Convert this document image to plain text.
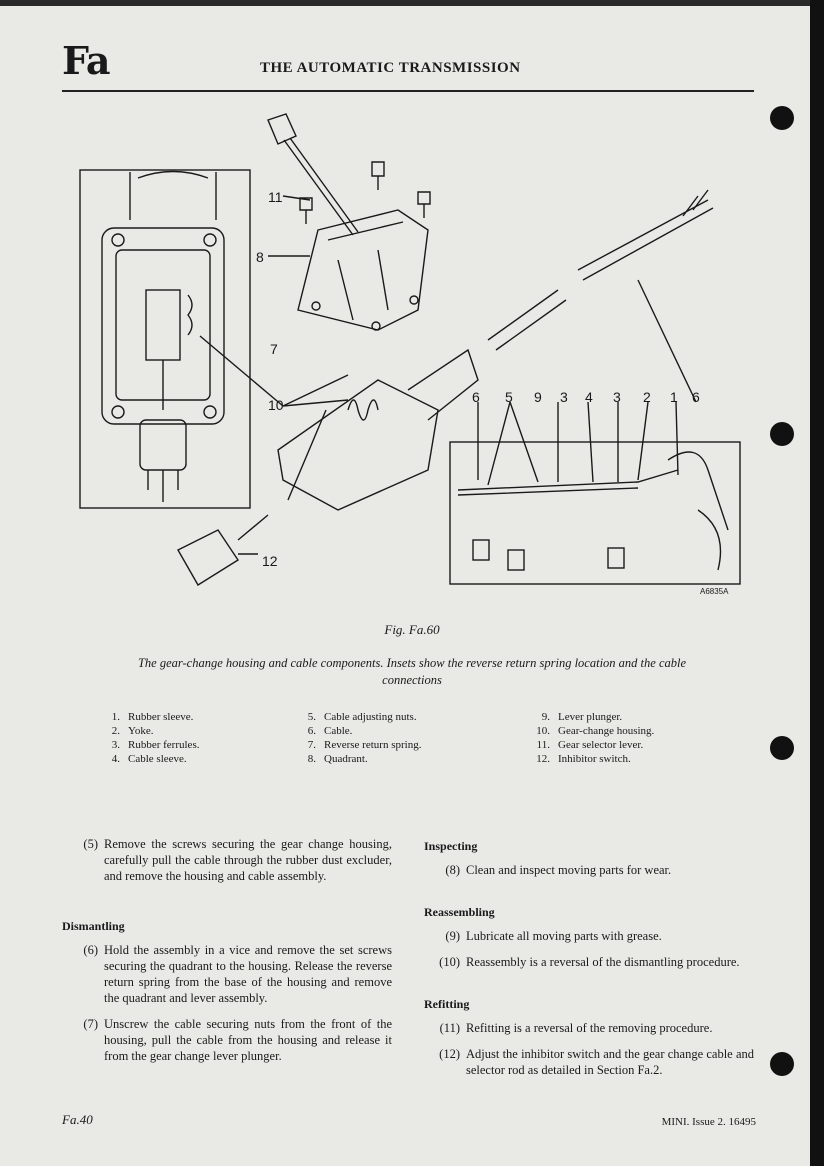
Fa	THE AUTOMATIC TRANSMISSION
11
8
7
10
12
6 5 9 3 4 3 2 1 6
A6835A
Fig. Fa.60
The gear-change housing and cable components. Insets show the reverse return spring location and the cable connections
1. Rubber sleeve.
2. Yoke.
3. Rubber ferrules.
4. Cable sleeve.
5. Cable adjusting nuts.
6. Cable.
7. Reverse return spring.
8. Quadrant.
9. Lever plunger.
10. Gear-change housing.
11. Gear selector lever.
12. Inhibitor switch.
(5) Remove the screws securing the gear change housing, carefully pull the cable through the rubber dust excluder, and remove the housing and cable assembly.
Dismantling
(6) Hold the assembly in a vice and remove the set screws securing the quadrant to the housing. Release the reverse return spring from the base of the housing and remove the quadrant and lever assembly.
(7) Unscrew the cable securing nuts from the front of the housing, pull the cable from the housing and release it from the gear change lever plunger.
Inspecting
(8) Clean and inspect moving parts for wear.
Reassembling
(9) Lubricate all moving parts with grease.
(10) Reassembly is a reversal of the dismantling procedure.
Refitting
(11) Refitting is a reversal of the removing procedure.
(12) Adjust the inhibitor switch and the gear change cable and selector rod as detailed in Section Fa.2.
Fa.40	MINI. Issue 2. 16495
